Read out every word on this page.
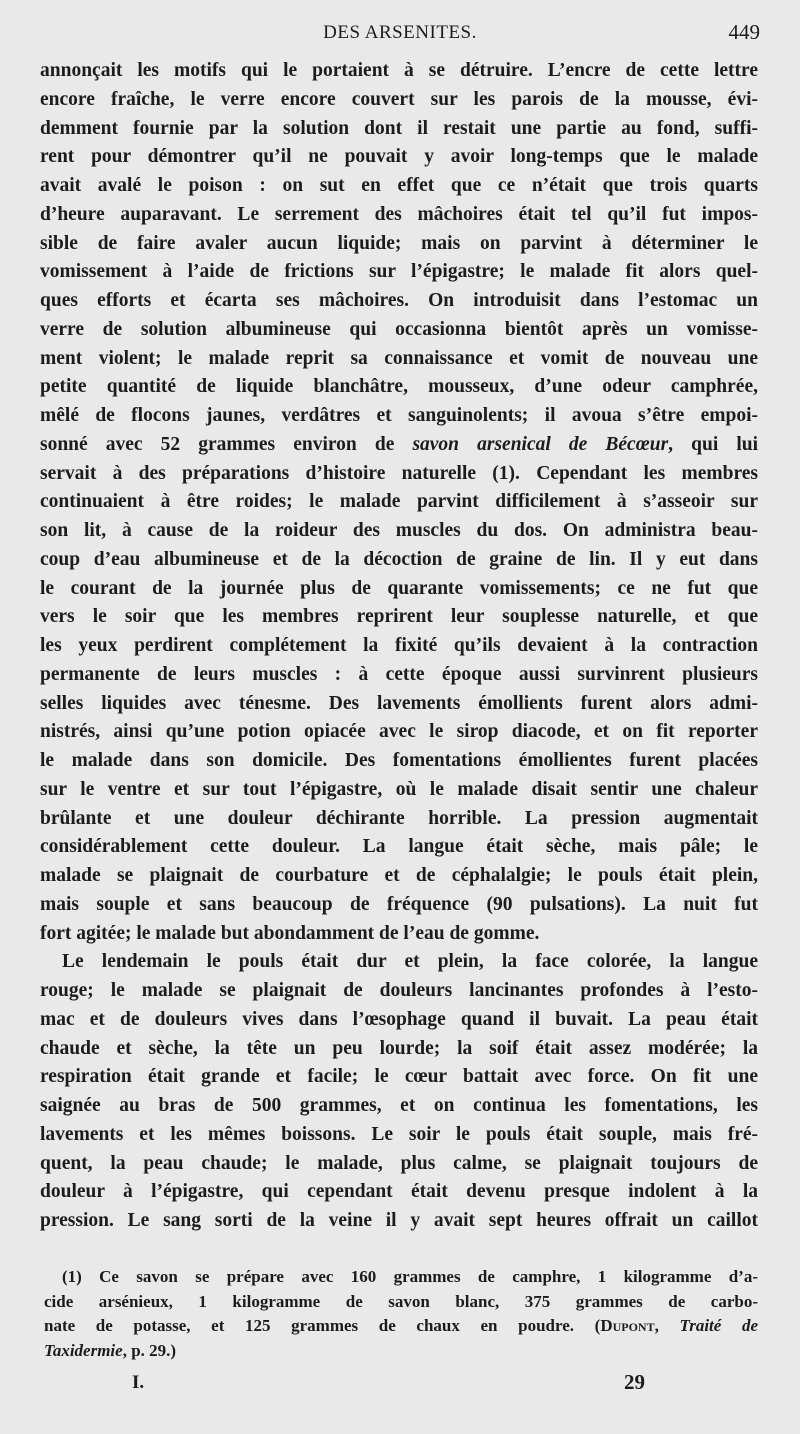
DES ARSENITES.	449
annonçait les motifs qui le portaient à se détruire. L’encre de cette lettre
encore fraîche, le verre encore couvert sur les parois de la mousse, évi-
demment fournie par la solution dont il restait une partie au fond, suffi-
rent pour démontrer qu’il ne pouvait y avoir long-temps que le malade
avait avalé le poison : on sut en effet que ce n’était que trois quarts
d’heure auparavant. Le serrement des mâchoires était tel qu’il fut impos-
sible de faire avaler aucun liquide; mais on parvint à déterminer le
vomissement à l’aide de frictions sur l’épigastre; le malade fit alors quel-
ques efforts et écarta ses mâchoires. On introduisit dans l’estomac un
verre de solution albumineuse qui occasionna bientôt après un vomisse-
ment violent; le malade reprit sa connaissance et vomit de nouveau une
petite quantité de liquide blanchâtre, mousseux, d’une odeur camphrée,
mêlé de flocons jaunes, verdâtres et sanguinolents; il avoua s’être empoi-
sonné avec 52 grammes environ de savon arsenical de Bécœur, qui lui
servait à des préparations d’histoire naturelle (1). Cependant les membres
continuaient à être roides; le malade parvint difficilement à s’asseoir sur
son lit, à cause de la roideur des muscles du dos. On administra beau-
coup d’eau albumineuse et de la décoction de graine de lin. Il y eut dans
le courant de la journée plus de quarante vomissements; ce ne fut que
vers le soir que les membres reprirent leur souplesse naturelle, et que
les yeux perdirent complétement la fixité qu’ils devaient à la contraction
permanente de leurs muscles : à cette époque aussi survinrent plusieurs
selles liquides avec ténesme. Des lavements émollients furent alors admi-
nistrés, ainsi qu’une potion opiacée avec le sirop diacode, et on fit reporter
le malade dans son domicile. Des fomentations émollientes furent placées
sur le ventre et sur tout l’épigastre, où le malade disait sentir une chaleur
brûlante et une douleur déchirante horrible. La pression augmentait
considérablement cette douleur. La langue était sèche, mais pâle; le
malade se plaignait de courbature et de céphalalgie; le pouls était plein,
mais souple et sans beaucoup de fréquence (90 pulsations). La nuit fut
fort agitée; le malade but abondamment de l’eau de gomme.
Le lendemain le pouls était dur et plein, la face colorée, la langue
rouge; le malade se plaignait de douleurs lancinantes profondes à l’esto-
mac et de douleurs vives dans l’œsophage quand il buvait. La peau était
chaude et sèche, la tête un peu lourde; la soif était assez modérée; la
respiration était grande et facile; le cœur battait avec force. On fit une
saignée au bras de 500 grammes, et on continua les fomentations, les
lavements et les mêmes boissons. Le soir le pouls était souple, mais fré-
quent, la peau chaude; le malade, plus calme, se plaignait toujours de
douleur à l’épigastre, qui cependant était devenu presque indolent à la
pression. Le sang sorti de la veine il y avait sept heures offrait un caillot
(1) Ce savon se prépare avec 160 grammes de camphre, 1 kilogramme d’a-
cide arsénieux, 1 kilogramme de savon blanc, 375 grammes de carbo-
nate de potasse, et 125 grammes de chaux en poudre. (Dupont, Traité de
Taxidermie, p. 29.)
I.	29
